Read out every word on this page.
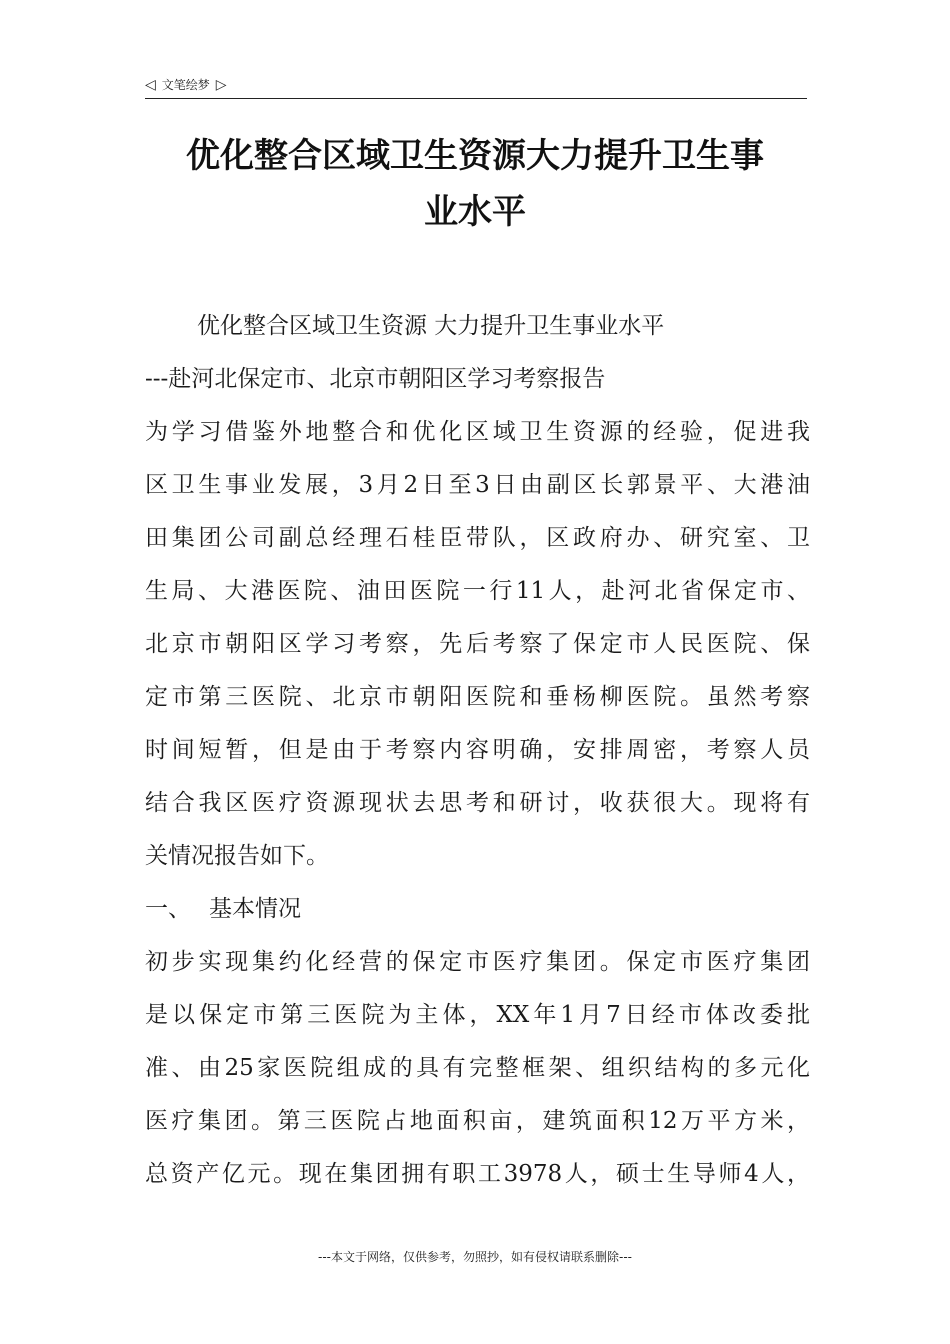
◁ 文笔绘梦 ▷
优化整合区域卫生资源大力提升卫生事
业水平
优化整合区域卫生资源 大力提升卫生事业水平
---赴河北保定市、北京市朝阳区学习考察报告
为学习借鉴外地整合和优化区域卫生资源的经验，促进我
区卫生事业发展，3月2日至3日由副区长郭景平、大港油
田集团公司副总经理石桂臣带队，区政府办、研究室、卫
生局、大港医院、油田医院一行11人，赴河北省保定市、
北京市朝阳区学习考察，先后考察了保定市人民医院、保
定市第三医院、北京市朝阳医院和垂杨柳医院。虽然考察
时间短暂，但是由于考察内容明确，安排周密，考察人员
结合我区医疗资源现状去思考和研讨，收获很大。现将有
关情况报告如下。
一、 基本情况
初步实现集约化经营的保定市医疗集团。保定市医疗集团
是以保定市第三医院为主体，XX年1月7日经市体改委批
准、由25家医院组成的具有完整框架、组织结构的多元化
医疗集团。第三医院占地面积亩，建筑面积12万平方米，
总资产亿元。现在集团拥有职工3978人，硕士生导师4人，
---本文于网络，仅供参考，勿照抄，如有侵权请联系删除---
